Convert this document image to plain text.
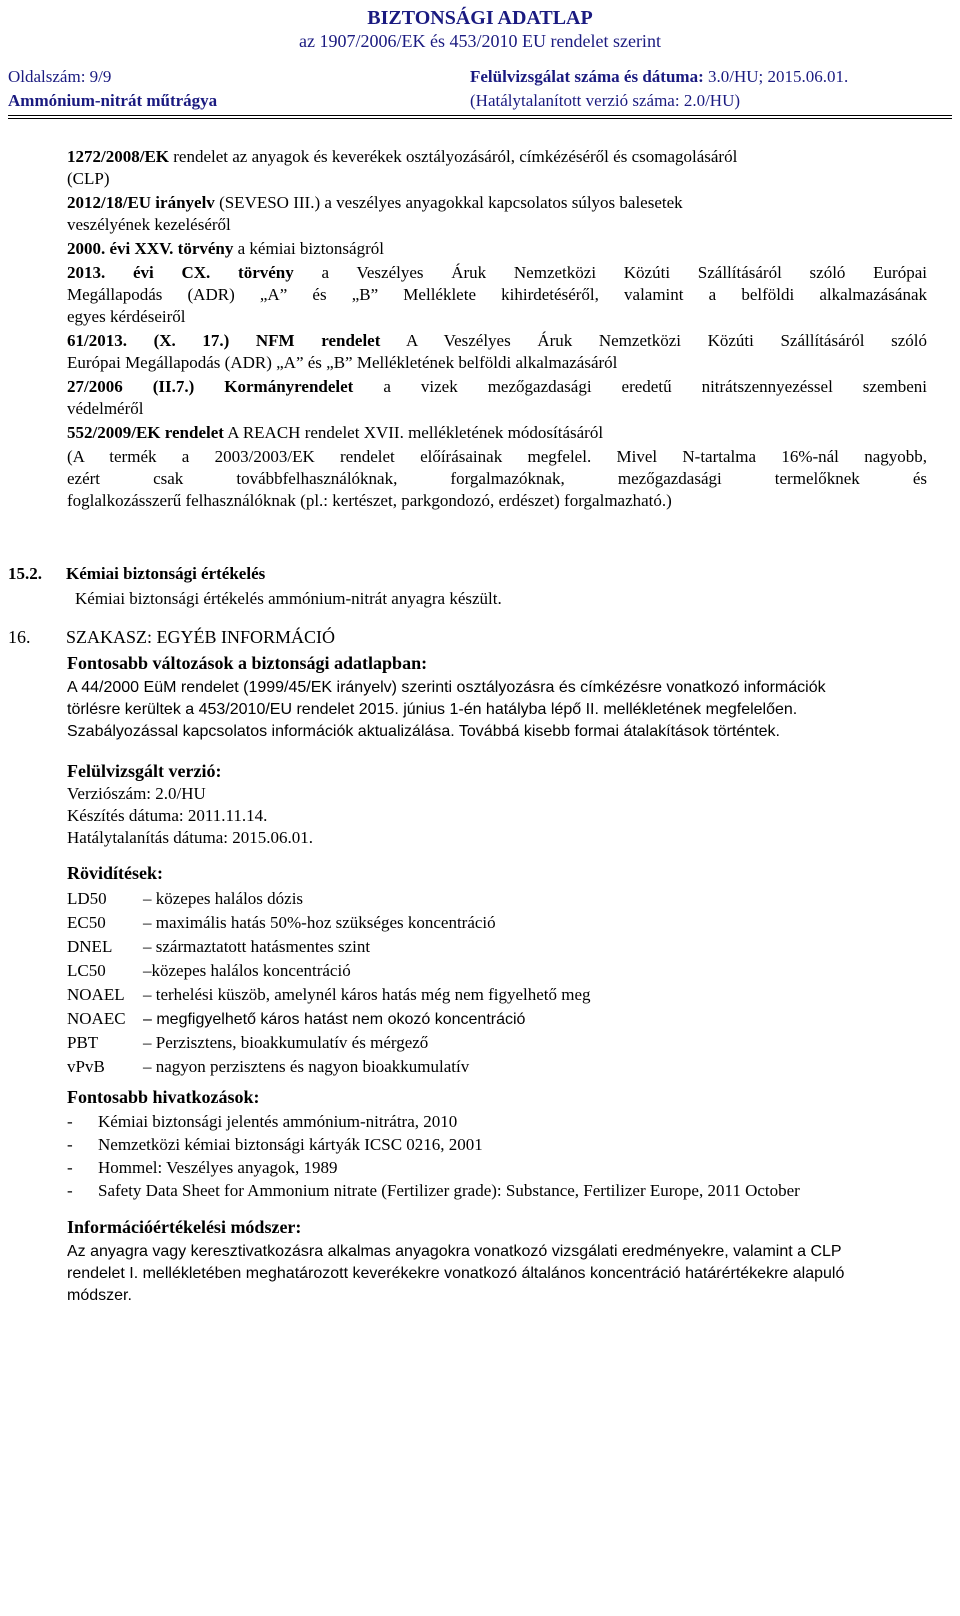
BIZTONSÁGI ADATLAP
az 1907/2006/EK és 453/2010 EU rendelet szerint
Oldalszám: 9/9	Felülvizsgálat száma és dátuma: 3.0/HU; 2015.06.01.
Ammónium-nitrát műtrágya	(Hatálytalanított verzió száma: 2.0/HU)
1272/2008/EK rendelet az anyagok és keverékek osztályozásáról, címkézéséről és csomagolásáról
(CLP)
2012/18/EU irányelv (SEVESO III.) a veszélyes anyagokkal kapcsolatos súlyos balesetek
veszélyének kezeléséről
2000. évi XXV. törvény a kémiai biztonságról
2013. évi CX. törvény a Veszélyes Áruk Nemzetközi Közúti Szállításáról szóló Európai
Megállapodás (ADR) „A” és „B” Melléklete kihirdetéséről, valamint a belföldi alkalmazásának
egyes kérdéseiről
61/2013. (X. 17.) NFM rendelet A Veszélyes Áruk Nemzetközi Közúti Szállításáról szóló
Európai Megállapodás (ADR) „A” és „B” Mellékletének belföldi alkalmazásáról
27/2006 (II.7.) Kormányrendelet a vizek mezőgazdasági eredetű nitrátszennyezéssel szembeni
védelméről
552/2009/EK rendelet A REACH rendelet XVII. mellékletének módosításáról
(A termék a 2003/2003/EK rendelet előírásainak megfelel. Mivel N-tartalma 16%-nál nagyobb,
ezért csak továbbfelhasználóknak, forgalmazóknak, mezőgazdasági termelőknek és
foglalkozásszerű felhasználóknak (pl.: kertészet, parkgondozó, erdészet) forgalmazható.)
15.2. Kémiai biztonsági értékelés
Kémiai biztonsági értékelés ammónium-nitrát anyagra készült.
16. SZAKASZ: EGYÉB INFORMÁCIÓ
Fontosabb változások a biztonsági adatlapban:
A 44/2000 EüM rendelet (1999/45/EK irányelv) szerinti osztályozásra és címkézésre vonatkozó információk
törlésre kerültek a 453/2010/EU rendelet 2015. június 1-én hatályba lépő II. mellékletének megfelelően.
Szabályozással kapcsolatos információk aktualizálása. Továbbá kisebb formai átalakítások történtek.
Felülvizsgált verzió:
Verziószám: 2.0/HU
Készítés dátuma: 2011.11.14.
Hatálytalanítás dátuma: 2015.06.01.
Rövidítések:
LD50 – közepes halálos dózis
EC50 – maximális hatás 50%-hoz szükséges koncentráció
DNEL – származtatott hatásmentes szint
LC50 –közepes halálos koncentráció
NOAEL – terhelési küszöb, amelynél káros hatás még nem figyelhető meg
NOAEC – megfigyelhető káros hatást nem okozó koncentráció
PBT	– Perzisztens, bioakkumulatív és mérgező
vPvB – nagyon perzisztens és nagyon bioakkumulatív
Fontosabb hivatkozások:
- Kémiai biztonsági jelentés ammónium-nitrátra, 2010
- Nemzetközi kémiai biztonsági kártyák ICSC 0216, 2001
- Hommel: Veszélyes anyagok, 1989
- Safety Data Sheet for Ammonium nitrate (Fertilizer grade): Substance, Fertilizer Europe, 2011 October
Információértékelési módszer:
Az anyagra vagy keresztivatkozásra alkalmas anyagokra vonatkozó vizsgálati eredményekre, valamint a CLP
rendelet I. mellékletében meghatározott keverékekre vonatkozó általános koncentráció határértékekre alapuló
módszer.
